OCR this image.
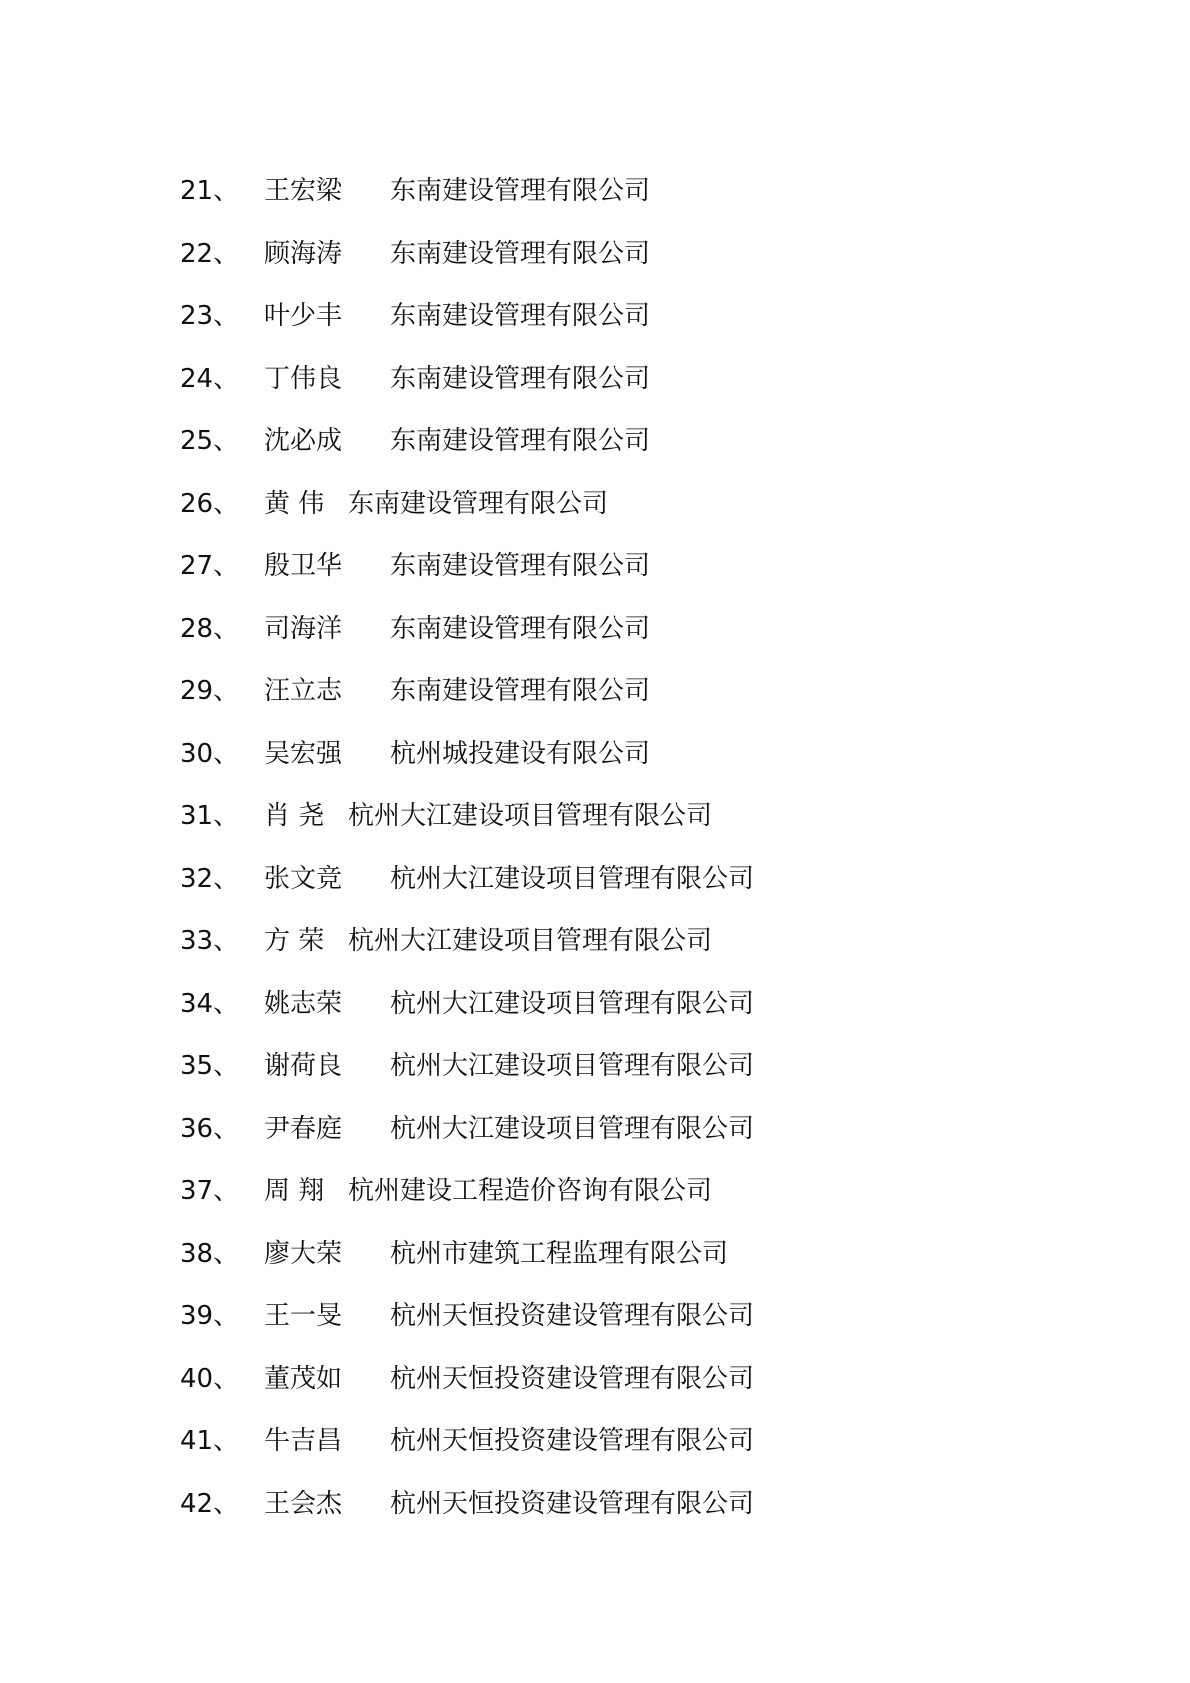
21、 王宏梁	东南建设管理有限公司
22、 顾海涛	东南建设管理有限公司
23、 叶少丰	东南建设管理有限公司
24、 丁伟良	东南建设管理有限公司
25、 沈必成	东南建设管理有限公司
26、 黄 伟 东南建设管理有限公司
27、 殷卫华	东南建设管理有限公司
28、 司海洋	东南建设管理有限公司
29、 汪立志	东南建设管理有限公司
30、 吴宏强	杭州城投建设有限公司
31、 肖 尧 杭州大江建设项目管理有限公司
32、 张文竞	杭州大江建设项目管理有限公司
33、 方 荣 杭州大江建设项目管理有限公司
34、 姚志荣	杭州大江建设项目管理有限公司
35、 谢荷良	杭州大江建设项目管理有限公司
36、 尹春庭	杭州大江建设项目管理有限公司
37、 周 翔 杭州建设工程造价咨询有限公司
38、 廖大荣	杭州市建筑工程监理有限公司
39、 王一旻	杭州天恒投资建设管理有限公司
40、 董茂如	杭州天恒投资建设管理有限公司
41、 牛吉昌	杭州天恒投资建设管理有限公司
42、 王会杰	杭州天恒投资建设管理有限公司
